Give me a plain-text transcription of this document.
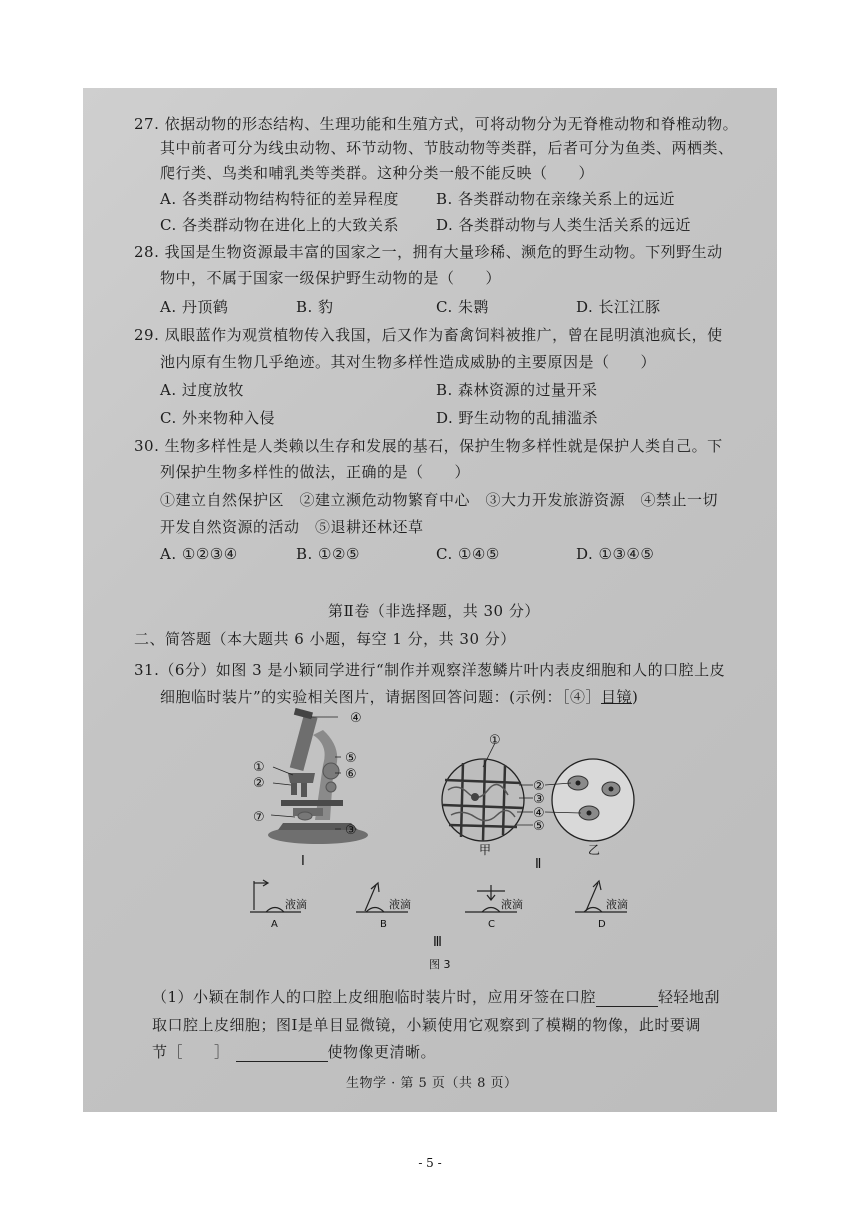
27. 依据动物的形态结构、生理功能和生殖方式，可将动物分为无脊椎动物和脊椎动物。
其中前者可分为线虫动物、环节动物、节肢动物等类群，后者可分为鱼类、两栖类、
爬行类、鸟类和哺乳类等类群。这种分类一般不能反映（　　）
A. 各类群动物结构特征的差异程度 B. 各类群动物在亲缘关系上的远近
C. 各类群动物在进化上的大致关系 D. 各类群动物与人类生活关系的远近
28. 我国是生物资源最丰富的国家之一，拥有大量珍稀、濒危的野生动物。下列野生动
物中，不属于国家一级保护野生动物的是（　　）
A. 丹顶鹤	B. 豹	C. 朱鹮	D. 长江江豚
29. 凤眼蓝作为观赏植物传入我国，后又作为畜禽饲料被推广，曾在昆明滇池疯长，使
池内原有生物几乎绝迹。其对生物多样性造成威胁的主要原因是（　　）
A. 过度放牧	B. 森林资源的过量开采
C. 外来物种入侵	D. 野生动物的乱捕滥杀
30. 生物多样性是人类赖以生存和发展的基石，保护生物多样性就是保护人类自己。下
列保护生物多样性的做法，正确的是（　　）
①建立自然保护区　②建立濒危动物繁育中心　③大力开发旅游资源　④禁止一切
开发自然资源的活动　⑤退耕还林还草
A. ①②③④	B. ①②⑤	C. ①④⑤	D. ①③④⑤
第Ⅱ卷（非选择题，共 30 分）
二、简答题（本大题共 6 小题，每空 1 分，共 30 分）
31.（6分）如图 3 是小颖同学进行“制作并观察洋葱鳞片叶内表皮细胞和人的口腔上皮
细胞临时装片”的实验相关图片，请据图回答问题：(示例：［④］目镜)
④
①
②
⑤
⑥
⑦
③
Ⅰ
①
②
③
④
⑤
甲	乙
Ⅱ
液滴	液滴	液滴	液滴
A	B	C	D
Ⅲ
图 3
（1）小颖在制作人的口腔上皮细胞临时装片时，应用牙签在口腔	轻轻地刮
取口腔上皮细胞；图Ⅰ是单目显微镜，小颖使用它观察到了模糊的物像，此时要调
节［　　］	使物像更清晰。
生物学 · 第 5 页（共 8 页）
- 5 -
